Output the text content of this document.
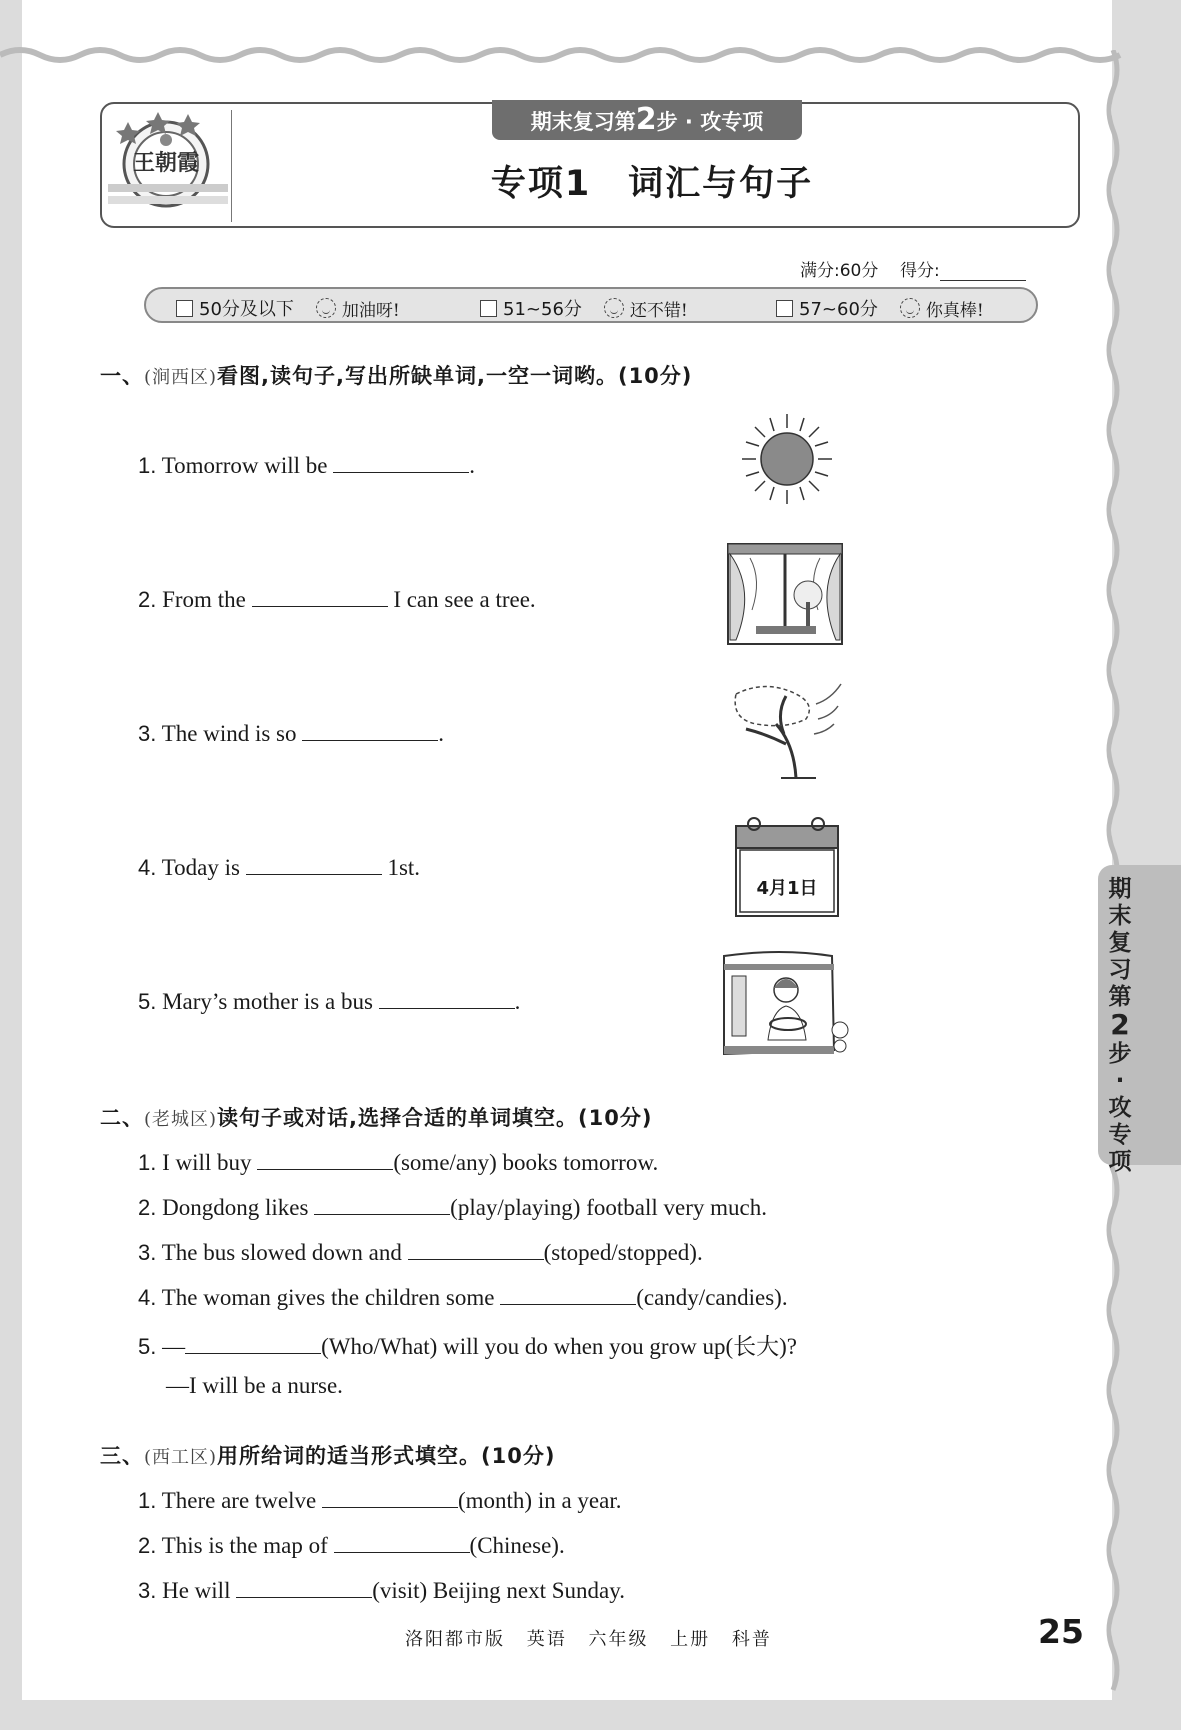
王朝霞
期末复习第2步 · 攻专项
专项1　词汇与句子
满分:60分 得分:
50分及以下	加油呀!	51~56分	还不错!	57~60分	你真棒!
一、(涧西区)看图,读句子,写出所缺单词,一空一词哟。(10分)
1. Tomorrow will be	.
2. From the	I can see a tree.
3. The wind is so	.
4. Today is	1st.
5. Mary’s mother is a bus	.
4月1日
二、(老城区)读句子或对话,选择合适的单词填空。(10分)
1. I will buy	(some/any) books tomorrow.
2. Dongdong likes	(play/playing) football very much.
3. The bus slowed down and	(stoped/stopped).
4. The woman gives the children some	(candy/candies).
5. —	(Who/What) will you do when you grow up(长大)?
—I will be a nurse.
三、(西工区)用所给词的适当形式填空。(10分)
1. There are twelve	(month) in a year.
2. This is the map of	(Chinese).
3. He will	(visit) Beijing next Sunday.
期末复习第2步·攻专项
洛阳都市版 英语 六年级 上册 科普	25
